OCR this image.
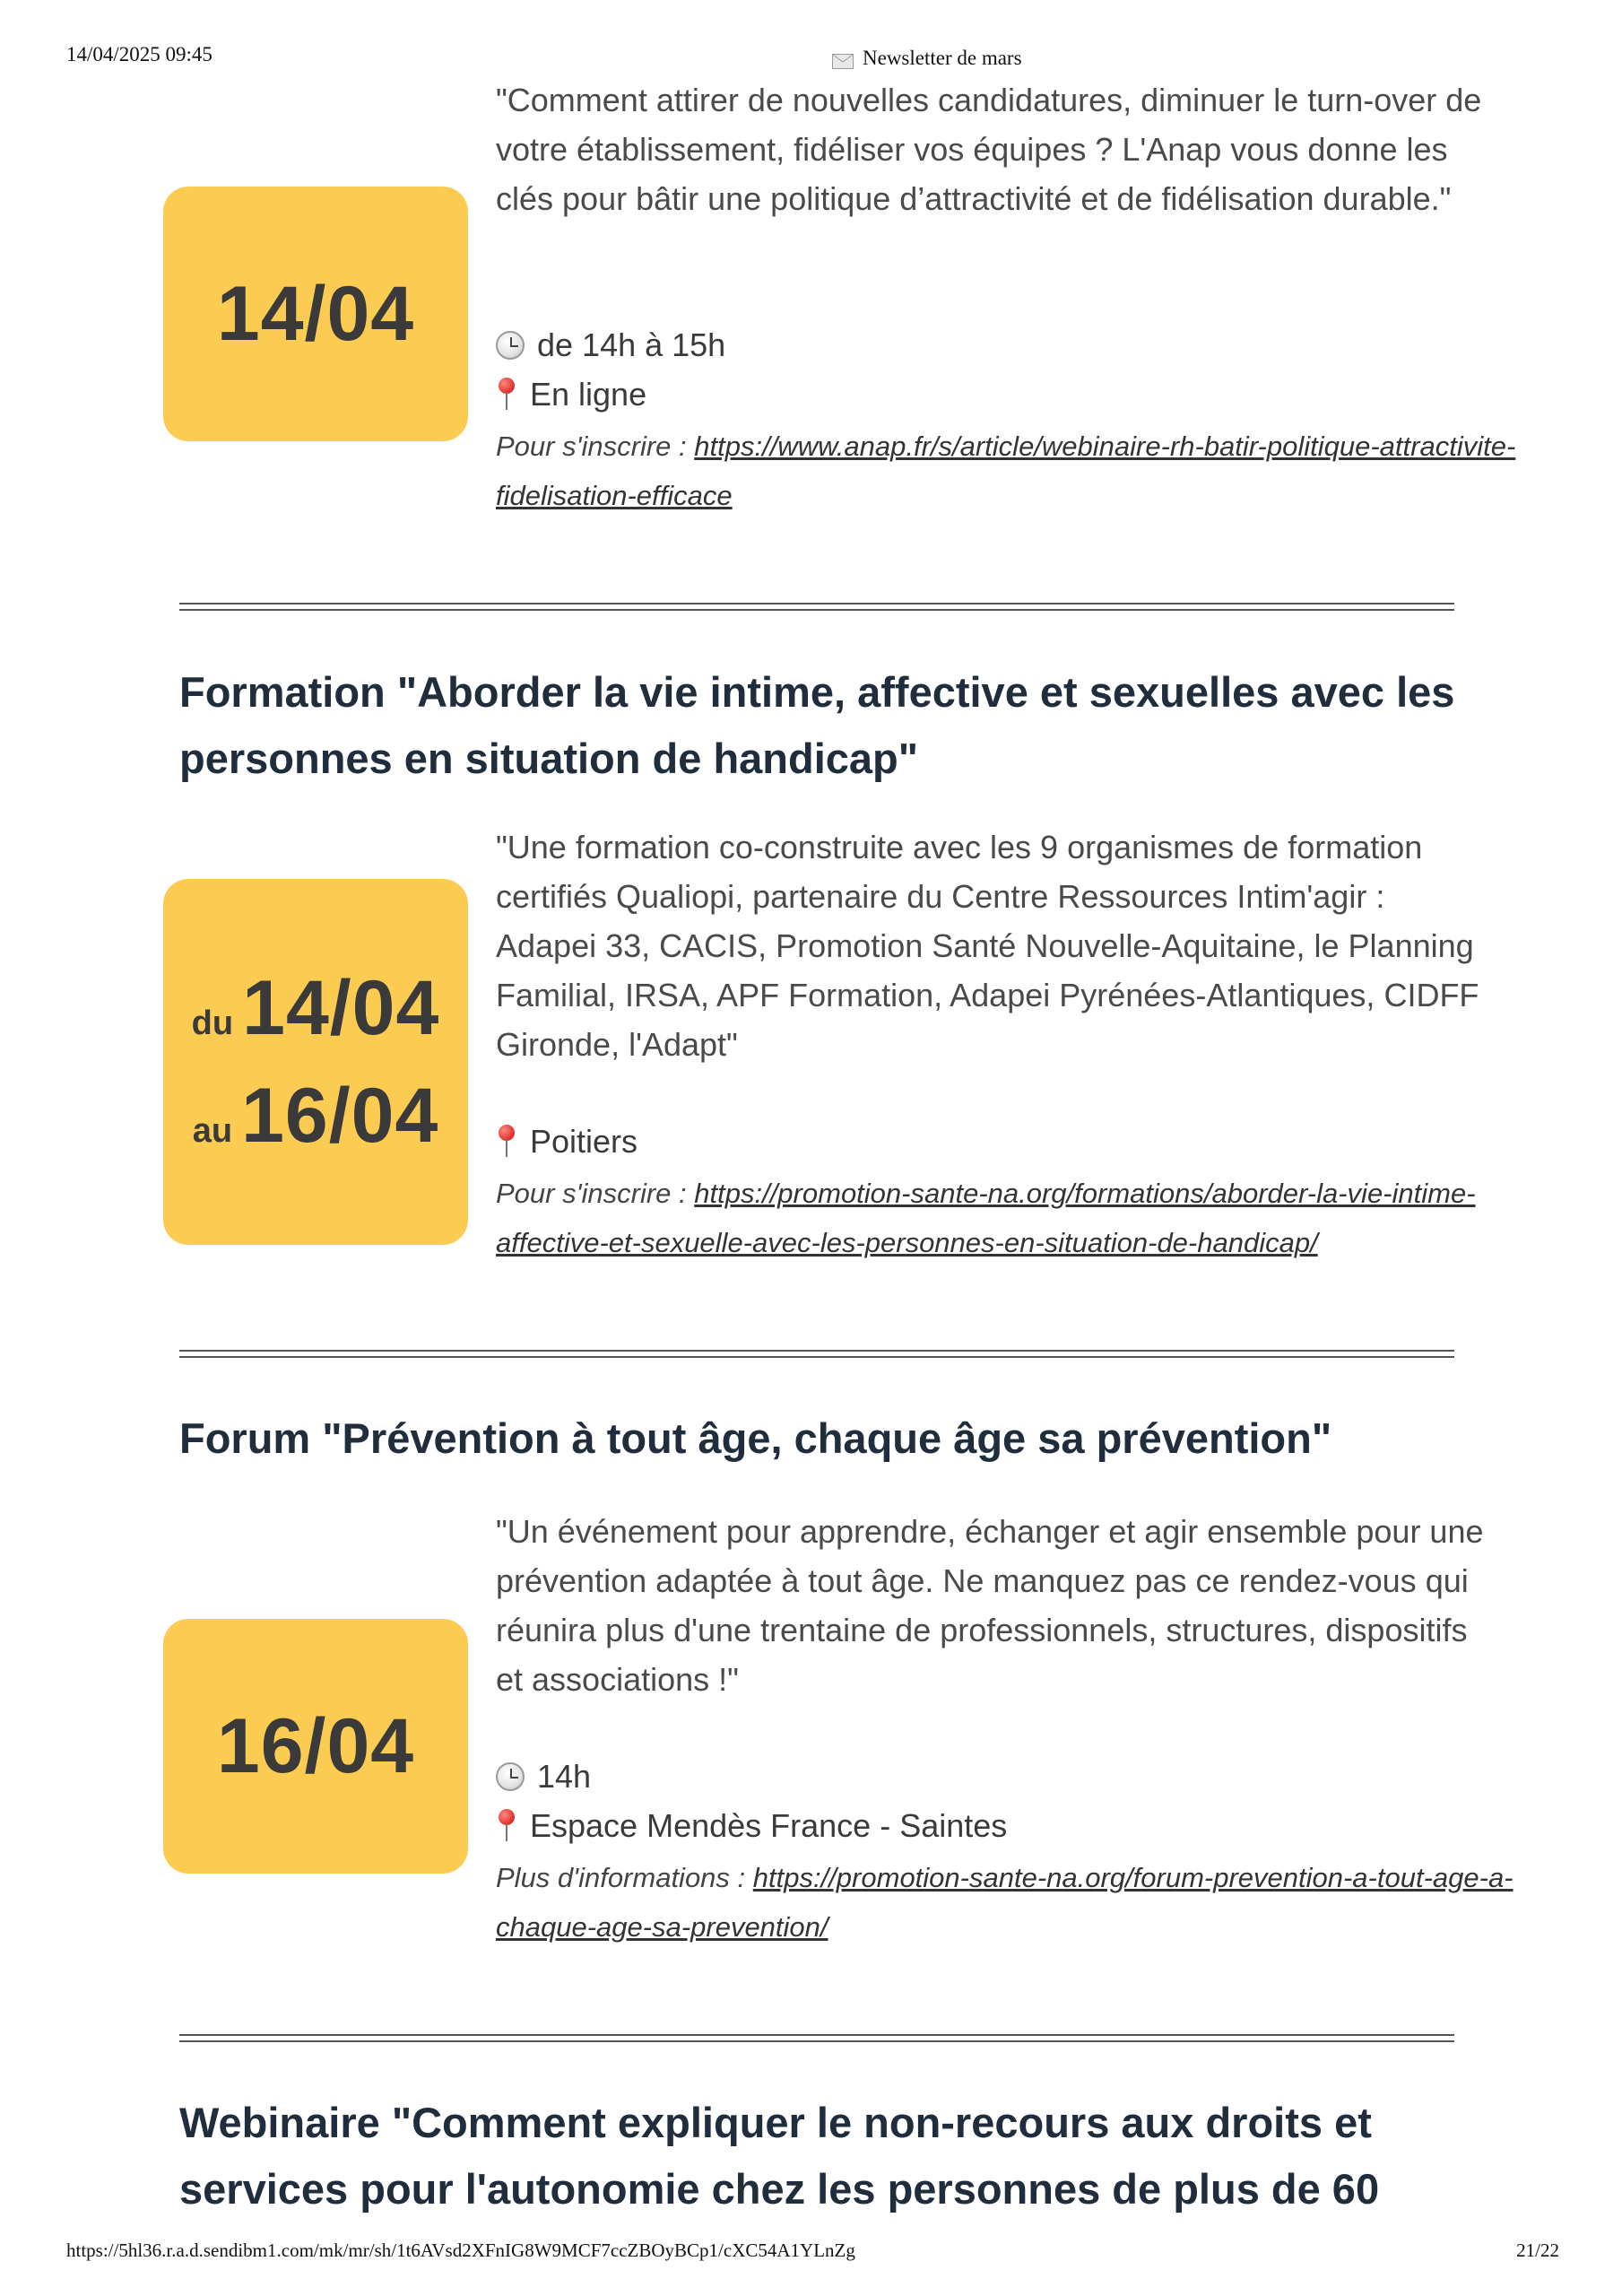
14/04/2025 09:45	Newsletter de mars
14/04

"Comment attirer de nouvelles candidatures, diminuer le turn-over de votre établissement, fidéliser vos équipes ? L'Anap vous donne les clés pour bâtir une politique d’attractivité et de fidélisation durable."

de 14h à 15h
En ligne

Pour s'inscrire : https://www.anap.fr/s/article/webinaire-rh-batir-politique-attractivite-fidelisation-efficace

Formation "Aborder la vie intime, affective et sexuelles avec les personnes en situation de handicap"
du 14/04
au 16/04

"Une formation co-construite avec les 9 organismes de formation certifiés Qualiopi, partenaire du Centre Ressources Intim'agir : Adapei 33, CACIS, Promotion Santé Nouvelle-Aquitaine, le Planning Familial, IRSA, APF Formation, Adapei Pyrénées-Atlantiques, CIDFF Gironde, l'Adapt"

Poitiers

Pour s'inscrire : https://promotion-sante-na.org/formations/aborder-la-vie-intime-affective-et-sexuelle-avec-les-personnes-en-situation-de-handicap/

Forum "Prévention à tout âge, chaque âge sa prévention"
16/04

"Un événement pour apprendre, échanger et agir ensemble pour une prévention adaptée à tout âge. Ne manquez pas ce rendez-vous qui réunira plus d'une trentaine de professionnels, structures, dispositifs et associations !"

14h
Espace Mendès France - Saintes

Plus d'informations : https://promotion-sante-na.org/forum-prevention-a-tout-age-a-chaque-age-sa-prevention/

Webinaire "Comment expliquer le non-recours aux droits et services pour l'autonomie chez les personnes de plus de 60
https://5hl36.r.a.d.sendibm1.com/mk/mr/sh/1t6AVsd2XFnIG8W9MCF7ccZBOyBCp1/cXC54A1YLnZg	21/22
